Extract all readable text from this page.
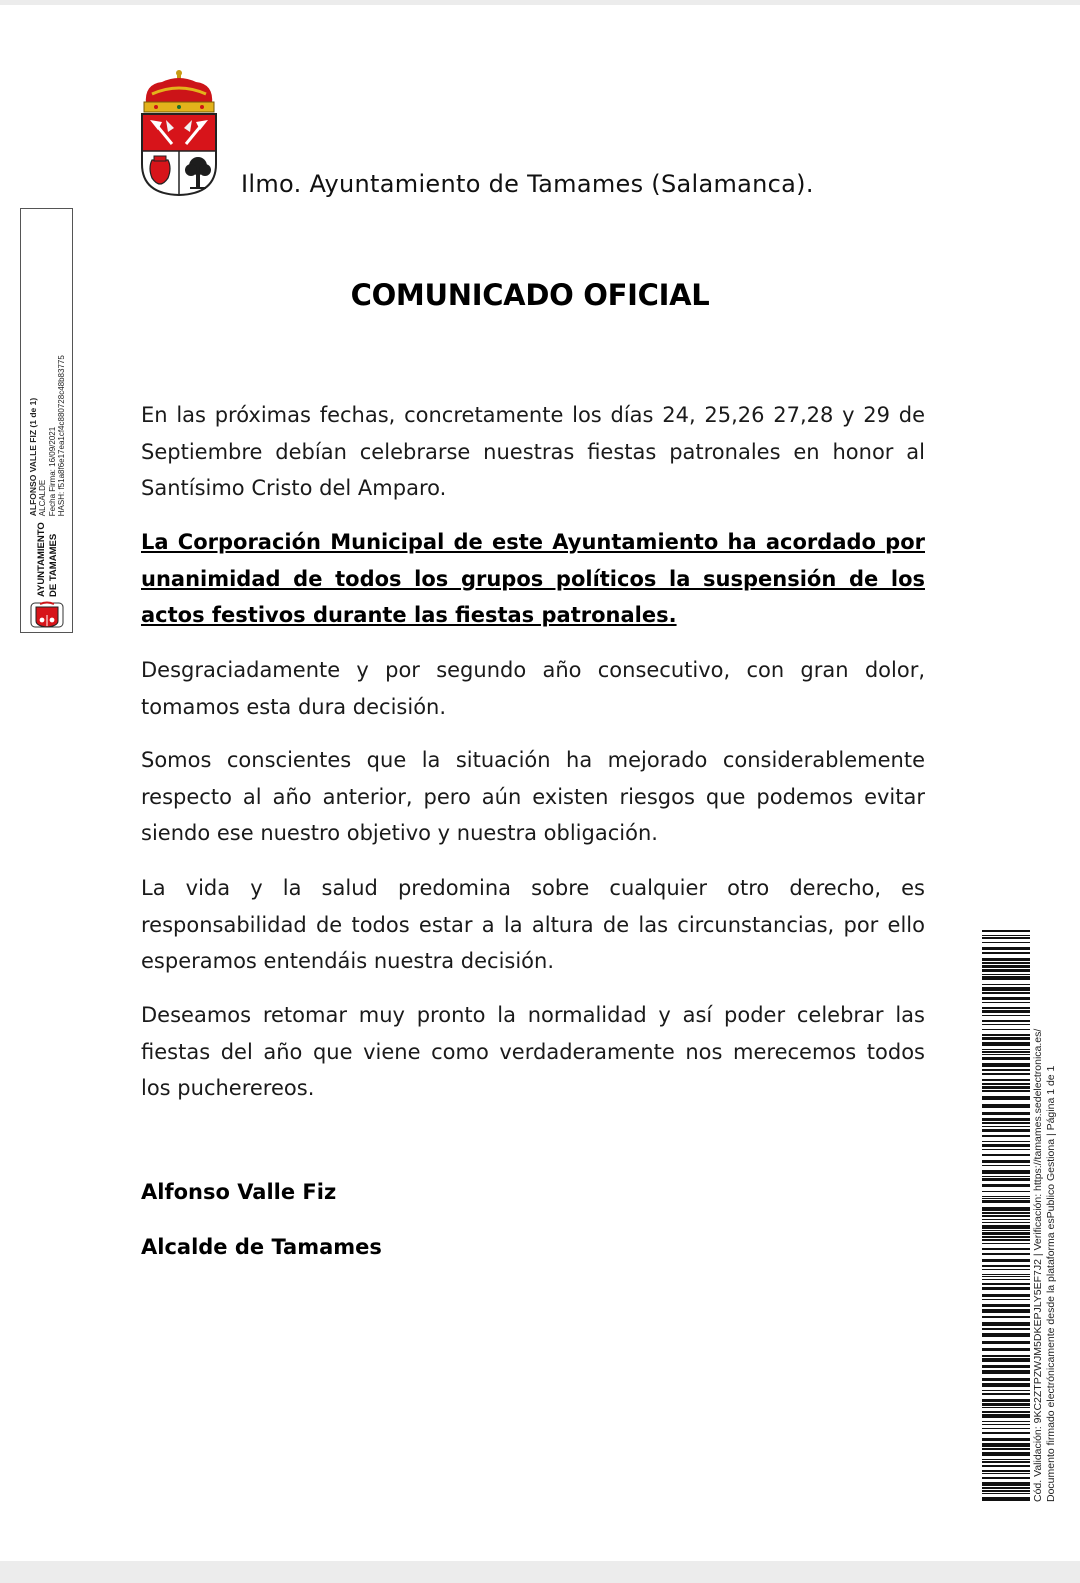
Ilmo. Ayuntamiento de Tamames (Salamanca).
COMUNICADO OFICIAL

En las próximas fechas, concretamente los días 24, 25,26 27,28 y 29 de Septiembre debían celebrarse nuestras fiestas patronales en honor al Santísimo Cristo del Amparo.

La Corporación Municipal de este Ayuntamiento ha acordado por unanimidad de todos los grupos políticos la suspensión de los actos festivos durante las fiestas patronales.

Desgraciadamente y por segundo año consecutivo, con gran dolor, tomamos esta dura decisión.

Somos conscientes que la situación ha mejorado considerablemente respecto al año anterior, pero aún existen riesgos que podemos evitar siendo ese nuestro objetivo y nuestra obligación.

La vida y la salud predomina sobre cualquier otro derecho, es responsabilidad de todos estar a la altura de las circunstancias, por ello esperamos entendáis nuestra decisión.

Deseamos retomar muy pronto la normalidad y así poder celebrar las fiestas del año que viene como verdaderamente nos merecemos todos los pucherereos.

Alfonso Valle Fiz
Alcalde de Tamames
AYUNTAMIENTO DE TAMAMES
ALFONSO VALLE FIZ (1 de 1) ALCALDE Fecha Firma: 16/09/2021 HASH: f51a8f6e17ea1cf4c880728c48b83775
Cód. Validación: 9KC2ZTPZWJM5DKEPJLY5EF7J2 | Verificación: https://tamames.sedelectronica.es/ Documento firmado electrónicamente desde la plataforma esPublico Gestiona | Página 1 de 1
